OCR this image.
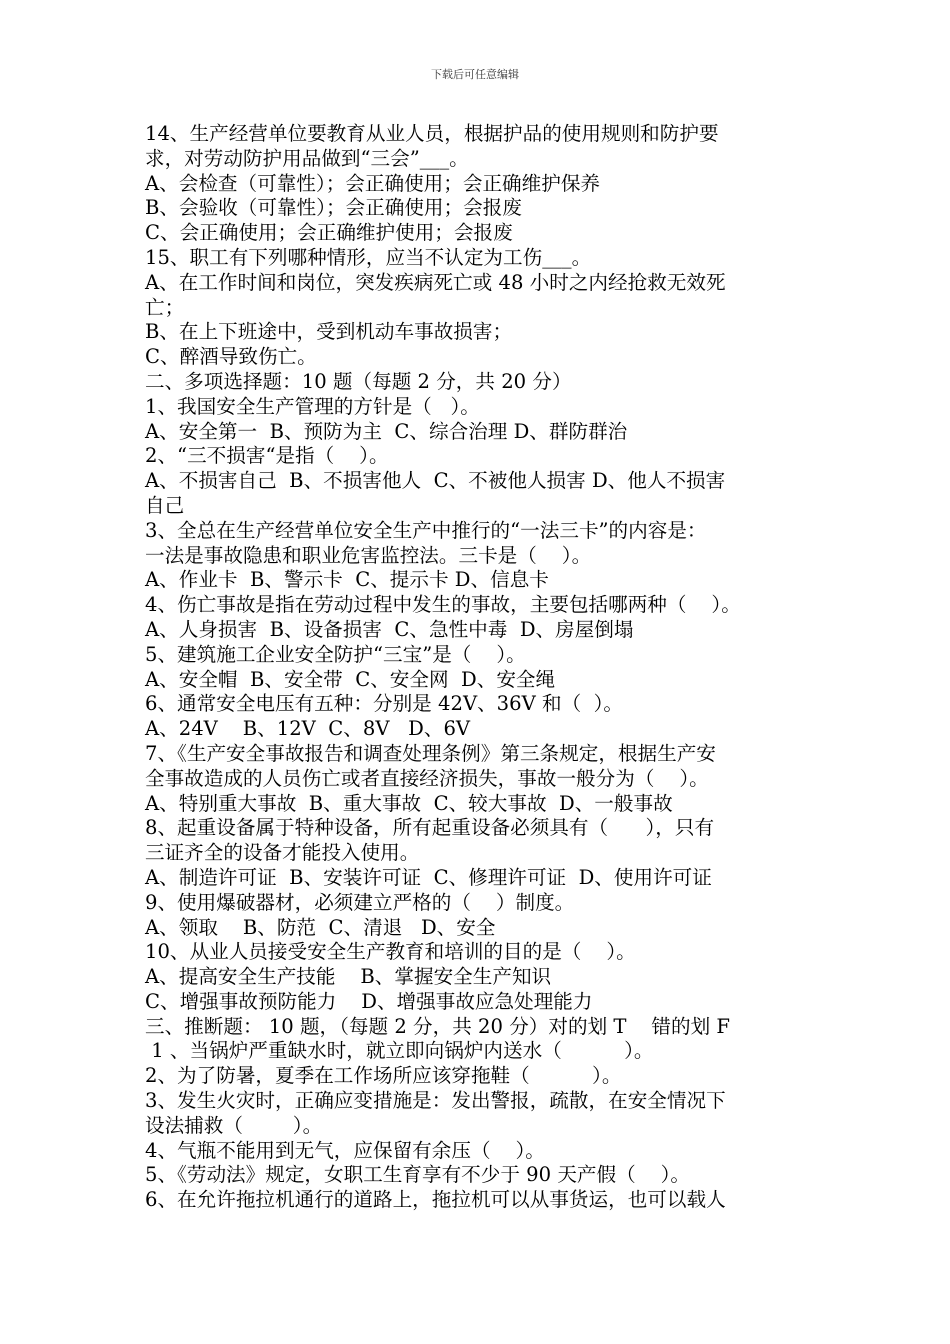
下载后可任意编辑
14、生产经营单位要教育从业人员，根据护品的使用规则和防护要
求，对劳动防护用品做到“三会”___。
A、会检查（可靠性）；会正确使用；会正确维护保养
B、会验收（可靠性）；会正确使用；会报废
C、会正确使用；会正确维护使用；会报废
15、职工有下列哪种情形，应当不认定为工伤___。
A、在工作时间和岗位，突发疾病死亡或 48 小时之内经抢救无效死
亡；
B、在上下班途中，受到机动车事故损害；
C、醉酒导致伤亡。
二、多项选择题：10 题（每题 2 分，共 20 分）
1、我国安全生产管理的方针是（   ）。
A、安全第一  B、预防为主  C、综合治理 D、群防群治
2、“三不损害“是指（    ）。
A、不损害自己  B、不损害他人  C、不被他人损害 D、他人不损害
自己
3、全总在生产经营单位安全生产中推行的“一法三卡”的内容是：
一法是事故隐患和职业危害监控法。三卡是（    ）。
A、作业卡  B、警示卡  C、提示卡 D、信息卡
4、伤亡事故是指在劳动过程中发生的事故，主要包括哪两种（    ）。
A、人身损害  B、设备损害  C、急性中毒  D、房屋倒塌
5、建筑施工企业安全防护“三宝”是（    ）。
A、安全帽  B、安全带  C、安全网  D、安全绳
6、通常安全电压有五种：分别是 42V、36V 和（  ）。
A、24V    B、12V  C、8V   D、6V
7、《生产安全事故报告和调查处理条例》第三条规定，根据生产安
全事故造成的人员伤亡或者直接经济损失，事故一般分为（    ）。
A、特别重大事故  B、重大事故  C、较大事故  D、一般事故
8、起重设备属于特种设备，所有起重设备必须具有（      ），只有
三证齐全的设备才能投入使用。
A、制造许可证  B、安装许可证  C、修理许可证  D、使用许可证
9、使用爆破器材，必须建立严格的（    ）制度。
A、领取    B、防范  C、清退   D、安全
10、从业人员接受安全生产教育和培训的目的是（    ）。
A、提高安全生产技能    B、掌握安全生产知识
C、增强事故预防能力    D、增强事故应急处理能力
三、推断题： 10 题，（每题 2 分，共 20 分）对的划 T    错的划 F
1 、当锅炉严重缺水时，就立即向锅炉内送水（          ）。
2、为了防暑，夏季在工作场所应该穿拖鞋（          ）。
3、发生火灾时，正确应变措施是：发出警报，疏散，在安全情况下
设法捕救（        ）。
4、气瓶不能用到无气，应保留有余压（    ）。
5、《劳动法》规定，女职工生育享有不少于 90 天产假（    ）。
6、在允许拖拉机通行的道路上，拖拉机可以从事货运，也可以载人
